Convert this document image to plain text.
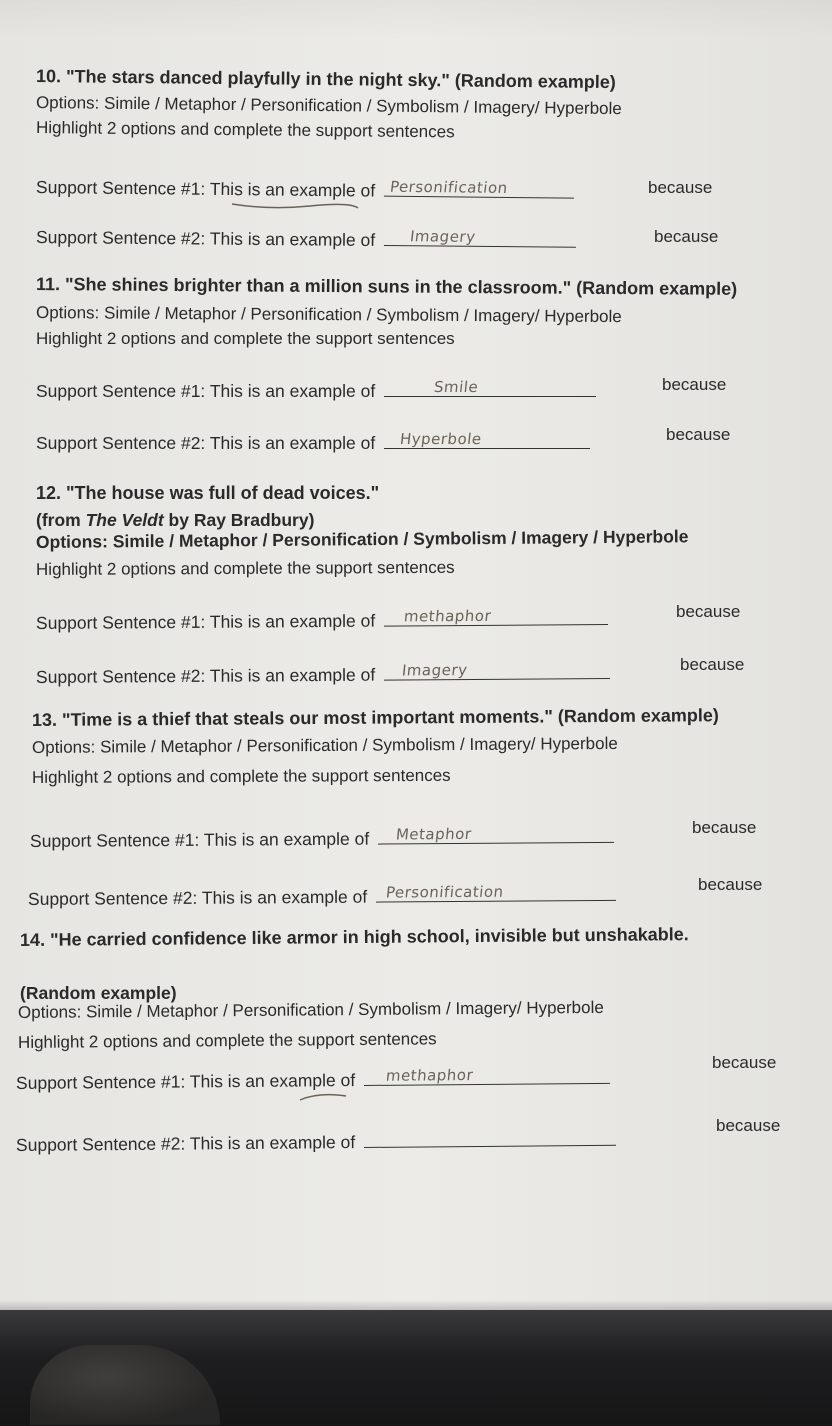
10. "The stars danced playfully in the night sky." (Random example)
Options: Simile / Metaphor / Personification / Symbolism / Imagery/ Hyperbole
Highlight 2 options and complete the support sentences
Support Sentence #1: This is an example of Personification	because
Support Sentence #2: This is an example of Imagery	because
11. "She shines brighter than a million suns in the classroom." (Random example)
Options: Simile / Metaphor / Personification / Symbolism / Imagery/ Hyperbole
Highlight 2 options and complete the support sentences
Support Sentence #1: This is an example of	Smile	because
Support Sentence #2: This is an example of Hyperbole	because
12. "The house was full of dead voices."
(from The Veldt by Ray Bradbury)
Options: Simile / Metaphor / Personification / Symbolism / Imagery / Hyperbole
Highlight 2 options and complete the support sentences
Support Sentence #1: This is an example of methaphor	because
Support Sentence #2: This is an example of Imagery	because
13. "Time is a thief that steals our most important moments." (Random example)
Options: Simile / Metaphor / Personification / Symbolism / Imagery/ Hyperbole
Highlight 2 options and complete the support sentences
Support Sentence #1: This is an example of Metaphor	because
Support Sentence #2: This is an example of Personification	because
14. "He carried confidence like armor in high school, invisible but unshakable.
(Random example)
Options: Simile / Metaphor / Personification / Symbolism / Imagery/ Hyperbole
Highlight 2 options and complete the support sentences
Support Sentence #1: This is an example of methaphor
because
Support Sentence #2: This is an example of
because
